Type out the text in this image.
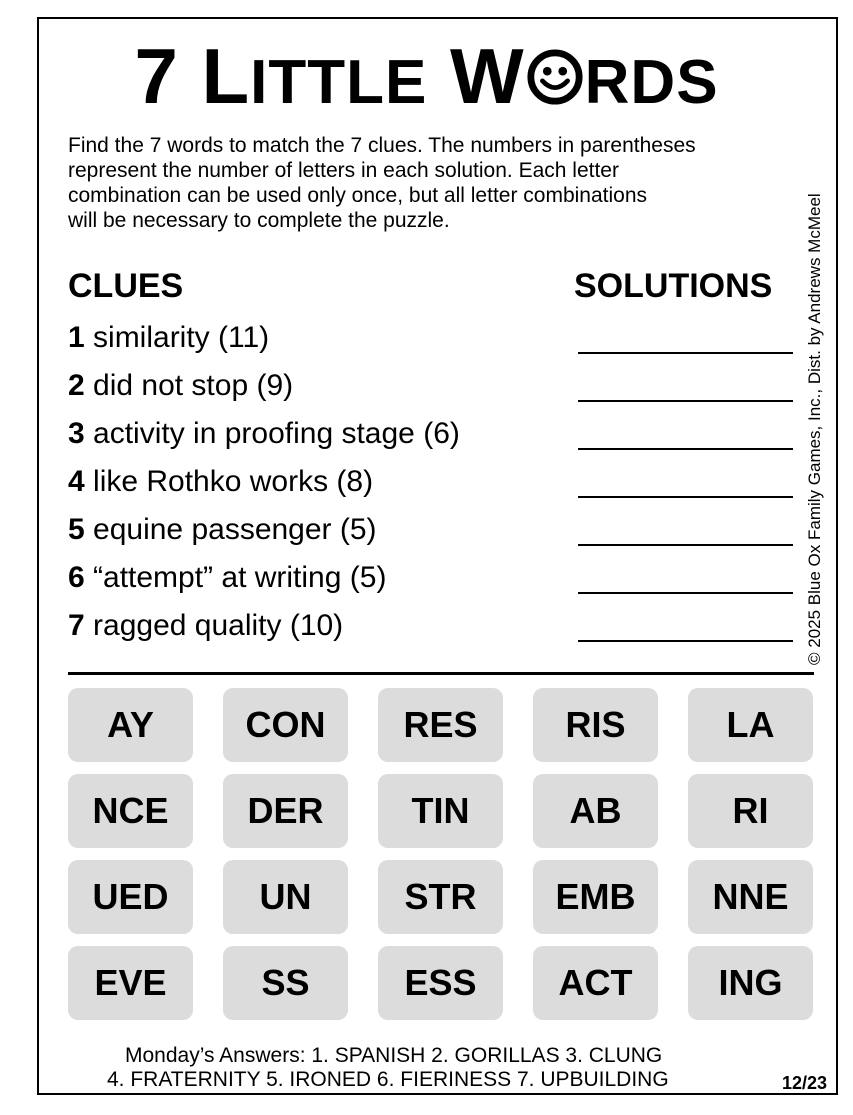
7 LITTLE W RDS
Find the 7 words to match the 7 clues. The numbers in parentheses
represent the number of letters in each solution. Each letter
combination can be used only once, but all letter combinations
will be necessary to complete the puzzle.
CLUES	SOLUTIONS
1 similarity (11)
2 did not stop (9)
3 activity in proofing stage (6)
4 like Rothko works (8)
5 equine passenger (5)
6 “attempt” at writing (5)
7 ragged quality (10)	© 2025 Blue Ox Family Games, Inc., Dist. by Andrews McMeel
AY	CON	RES	RIS	LA
NCE	DER	TIN	AB	RI
UED	UN	STR	EMB	NNE
EVE	SS	ESS	ACT	ING
Monday’s Answers: 1. SPANISH 2. GORILLAS 3. CLUNG
4. FRATERNITY 5. IRONED 6. FIERINESS 7. UPBUILDING	12/23
